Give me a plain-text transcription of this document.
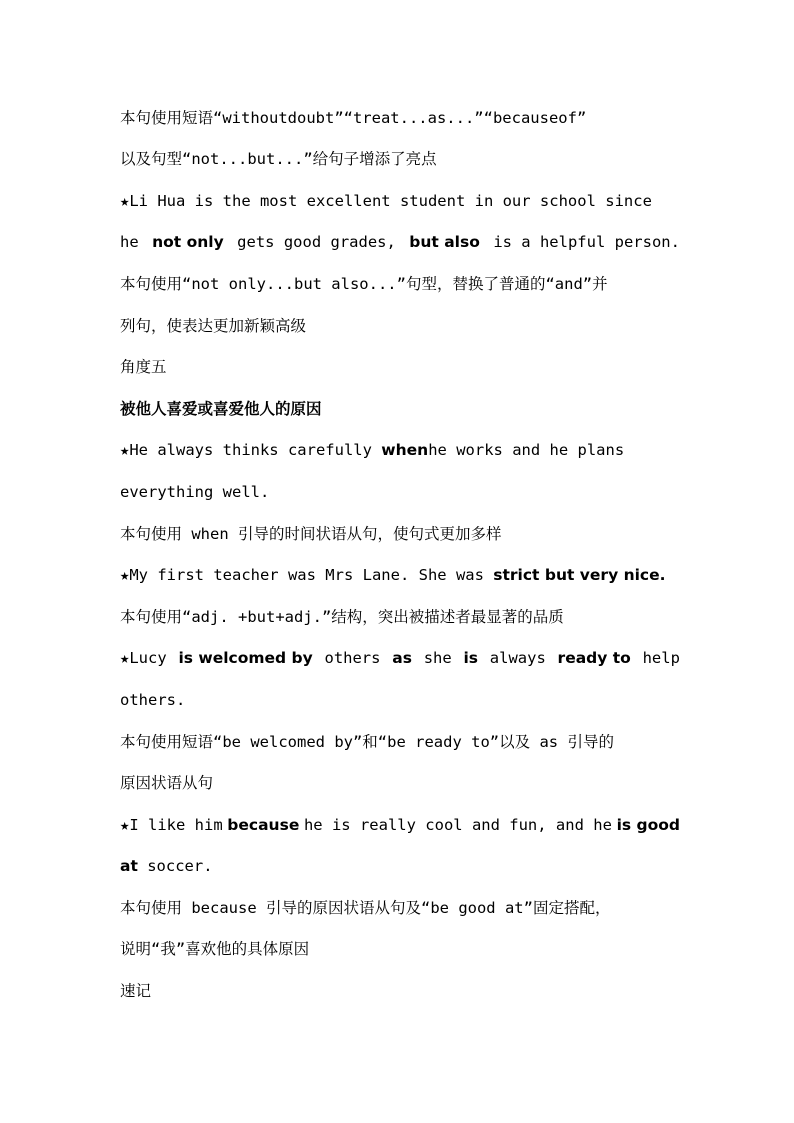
本句使用短语“withoutdoubt”“treat...as...”“becauseof”
以及句型“not...but...”给句子增添了亮点
★Li Hua is the most excellent student in our school since
he not only gets good grades, but also is a helpful person.
本句使用“not only...but also...”句型，替换了普通的“and”并
列句，使表达更加新颖高级
角度五
被他人喜爱或喜爱他人的原因
★He always thinks carefully whenhe works and he plans
everything well.
本句使用 when 引导的时间状语从句，使句式更加多样
★My first teacher was Mrs Lane. She was strict but very nice.
本句使用“adj. +but+adj.”结构，突出被描述者最显著的品质
★Lucy is welcomed by others as she is always ready to help
others.
本句使用短语“be welcomed by”和“be ready to”以及 as 引导的
原因状语从句
★I like him because he is really cool and fun, and he is good
at soccer.
本句使用 because 引导的原因状语从句及“be good at”固定搭配，
说明“我”喜欢他的具体原因
速记
